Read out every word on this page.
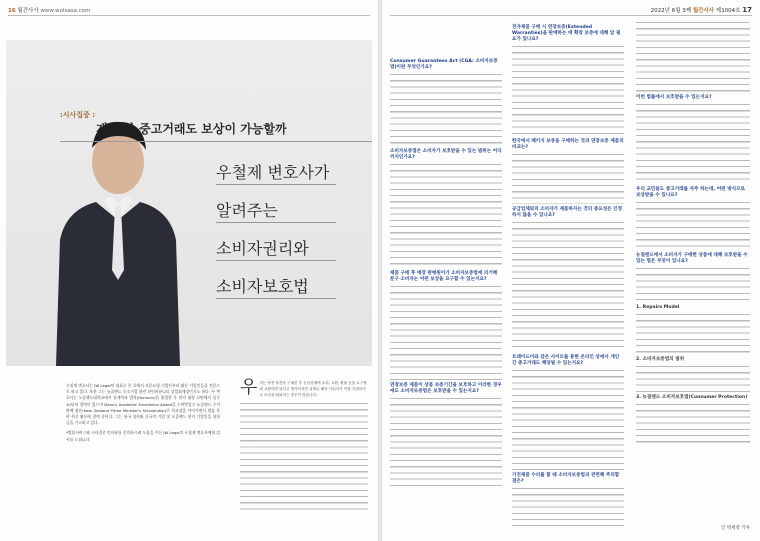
16 월간사사 www.wolsasa.com
:시사집중 :
개인 간 중고거래도 보상이 가능할까
우철제 변호사가
알려주는
소비자권리와
소비자보호법

우철제 변호사는 JW Legal의 대표로 본 호에서 자문요청 기업인부터 활동 기업인들을 전문으로 하고 있다. 또한 그는 뉴질랜드 중소기업 관련 한인커뮤니티 상업회계장이기도 하다. 두 변호사는 오클랜드대학교에서 통계학과 법학(Honours)을 졸업한 후 현지 대형 로펌에서 실무 10년의 경력이 있으며 Dean's Academic Excellence Award을 수여받았고 뉴질랜드 수석 판례 평론(New Zealand Prime Minister's Scholarship)로 학교장을 이어가면서 법률 분야 혁신 활동에 참여 중이다. 그는 한국 상사와 다국적 기업 및 오클랜드 현지 기업인을 위한 글을 기고하고 있다.

*법률서비스와 시사집중 인터뷰를 문의하시려 도움을 주신 JW Legal의 우철제 변호사에게 감사를 드립니다.

우 리는 중종 물건을 구매한 후 공급업체에 수리, 교환, 환불 등을 요구할 때 교환하면 된다고 생각하지만 실제로 해당 사업자가 이를 거절하거나 보상을 회피하는 경우가 많습니다.
2022년 6월 3째 월간사사 제1004호 17
Consumer Guarantees Act (CGA: 소비자보증법)이란 무엇인가요?
소비자보증법은 소비자가 보호받을 수 있는 범위는 어디까지인가요?
제품 구매 후 매장 판매원이가 소비자보증법에 의거해 문구 소비자는 어떤 보상을 요구할 수 있는지요?
연장보증 제품이 상품 보증기간을 보호하고 이러한 경우에도 소비자보증법은 보호받을 수 있는지요?
전자제품 구매 시 연장보증(Extended Warranties)을 판매하는 데 확장 보증에 대해 알 필요가 있나요?
한국에서 패키지 보증을 구매하는 것과 연장보증 제품의 비교는?
공급업체와의 소비자가 제품하자는 것의 중요성은 인정하지 않을 수 있나요?
트레이드미와 같은 사이트를 통한 온라인 상에서 개인 간 중고거래도 해당될 수 있는지요?
가전제품 수리를 할 때 소비자보증법과 관련해 주의할 점은?
이번 법률에서 보호받을 수 있는지요?
우리 교민들도 중고거래를 자주 하는데, 어떤 방식으로 보상받을 수 있나요?
뉴질랜드에서 소비자가 구매한 상품에 대해 보호받을 수 있는 법은 무엇이 있나요?
1. Repairs Model
2. 소비자보증법의 범위
3. 뉴질랜드 소비자보호법(Consumer Protection)
글 박세영 기자
